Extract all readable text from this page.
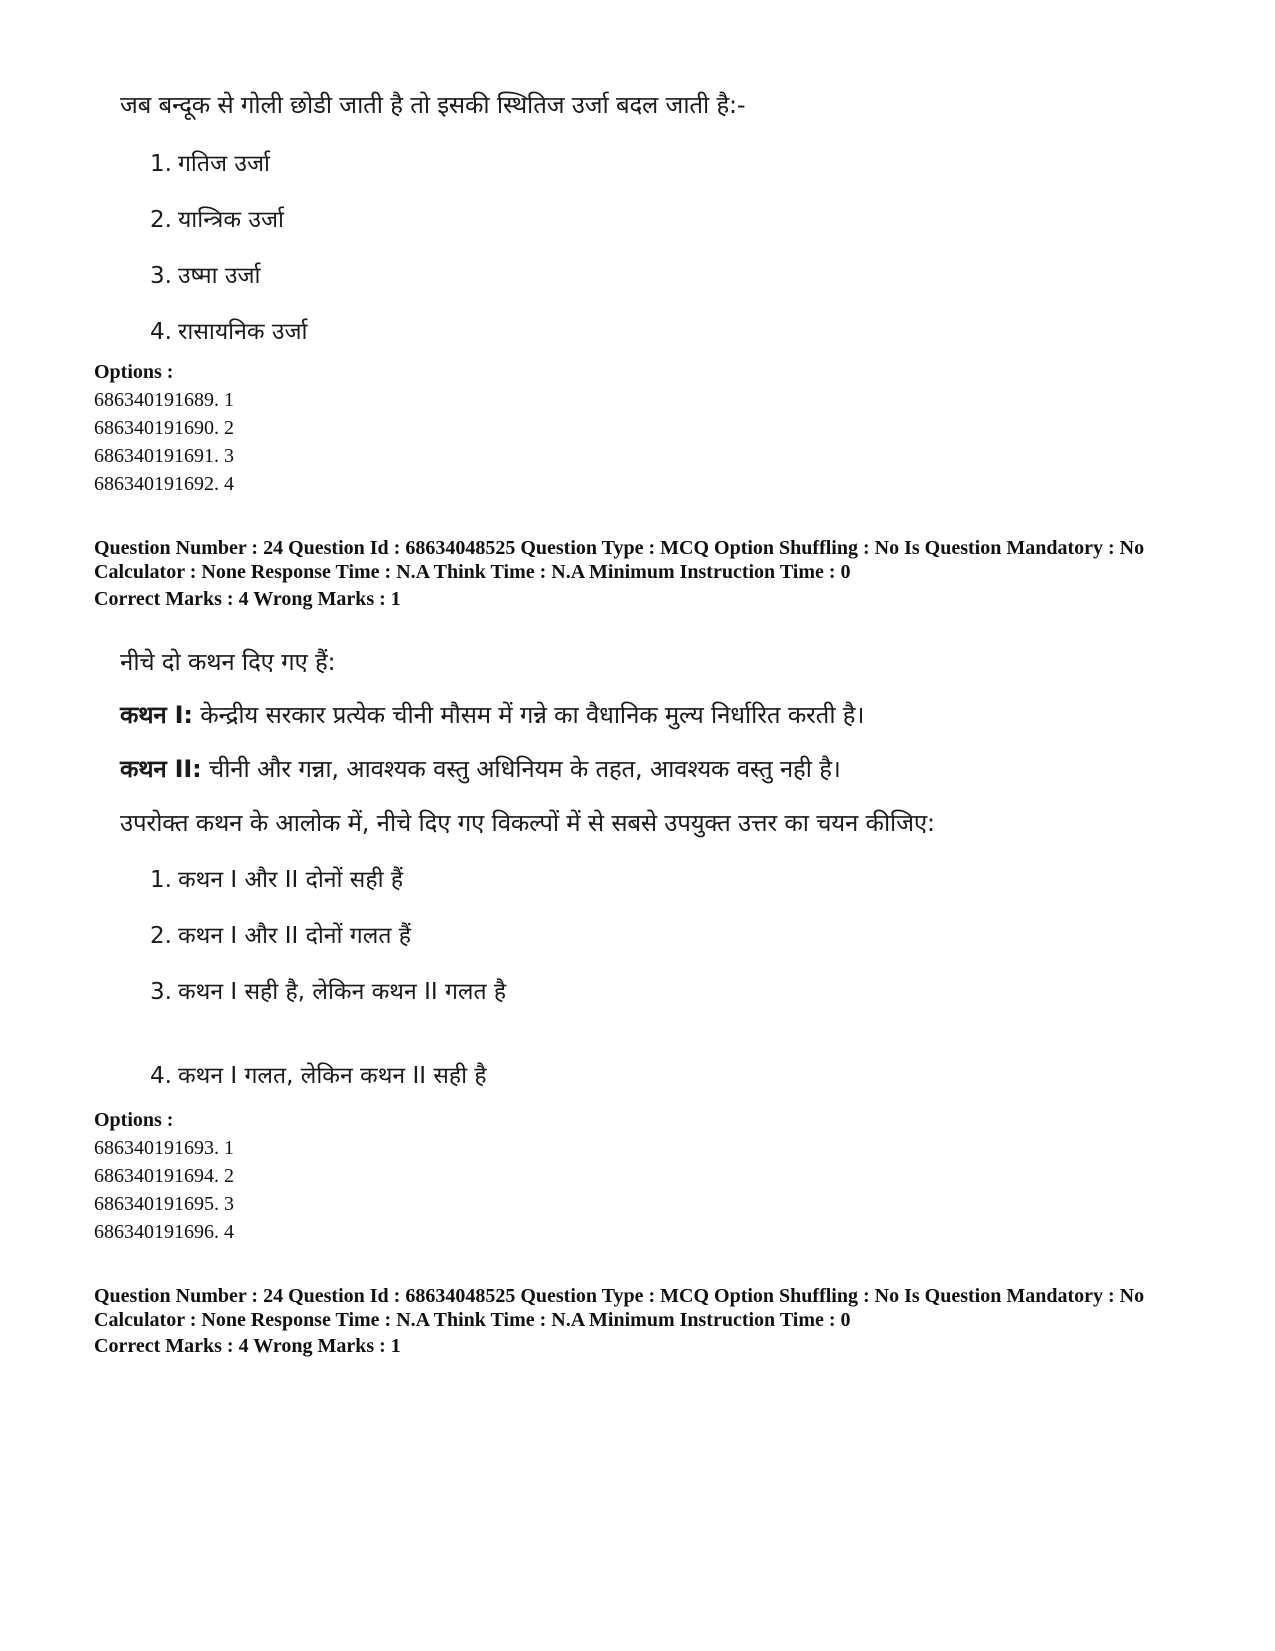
जब बन्दूक से गोली छोडी जाती है तो इसकी स्थितिज उर्जा बदल जाती है:-
1. गतिज उर्जा
2. यान्त्रिक उर्जा
3. उष्मा उर्जा
4. रासायनिक उर्जा
Options :
686340191689. 1
686340191690. 2
686340191691. 3
686340191692. 4
Question Number : 24 Question Id : 68634048525 Question Type : MCQ Option Shuffling : No Is Question Mandatory : No Calculator : None Response Time : N.A Think Time : N.A Minimum Instruction Time : 0
Correct Marks : 4 Wrong Marks : 1
नीचे दो कथन दिए गए हैं:
कथन I: केन्द्रीय सरकार प्रत्येक चीनी मौसम में गन्ने का वैधानिक मुल्य निर्धारित करती है।
कथन II: चीनी और गन्ना, आवश्यक वस्तु अधिनियम के तहत, आवश्यक वस्तु नही है।
उपरोक्त कथन के आलोक में, नीचे दिए गए विकल्पों में से सबसे उपयुक्त उत्तर का चयन कीजिए:
1. कथन I और II दोनों सही हैं
2. कथन I और II दोनों गलत हैं
3. कथन I सही है, लेकिन कथन II गलत है
4. कथन I गलत, लेकिन कथन II सही है
Options :
686340191693. 1
686340191694. 2
686340191695. 3
686340191696. 4
Question Number : 24 Question Id : 68634048525 Question Type : MCQ Option Shuffling : No Is Question Mandatory : No Calculator : None Response Time : N.A Think Time : N.A Minimum Instruction Time : 0
Correct Marks : 4 Wrong Marks : 1
